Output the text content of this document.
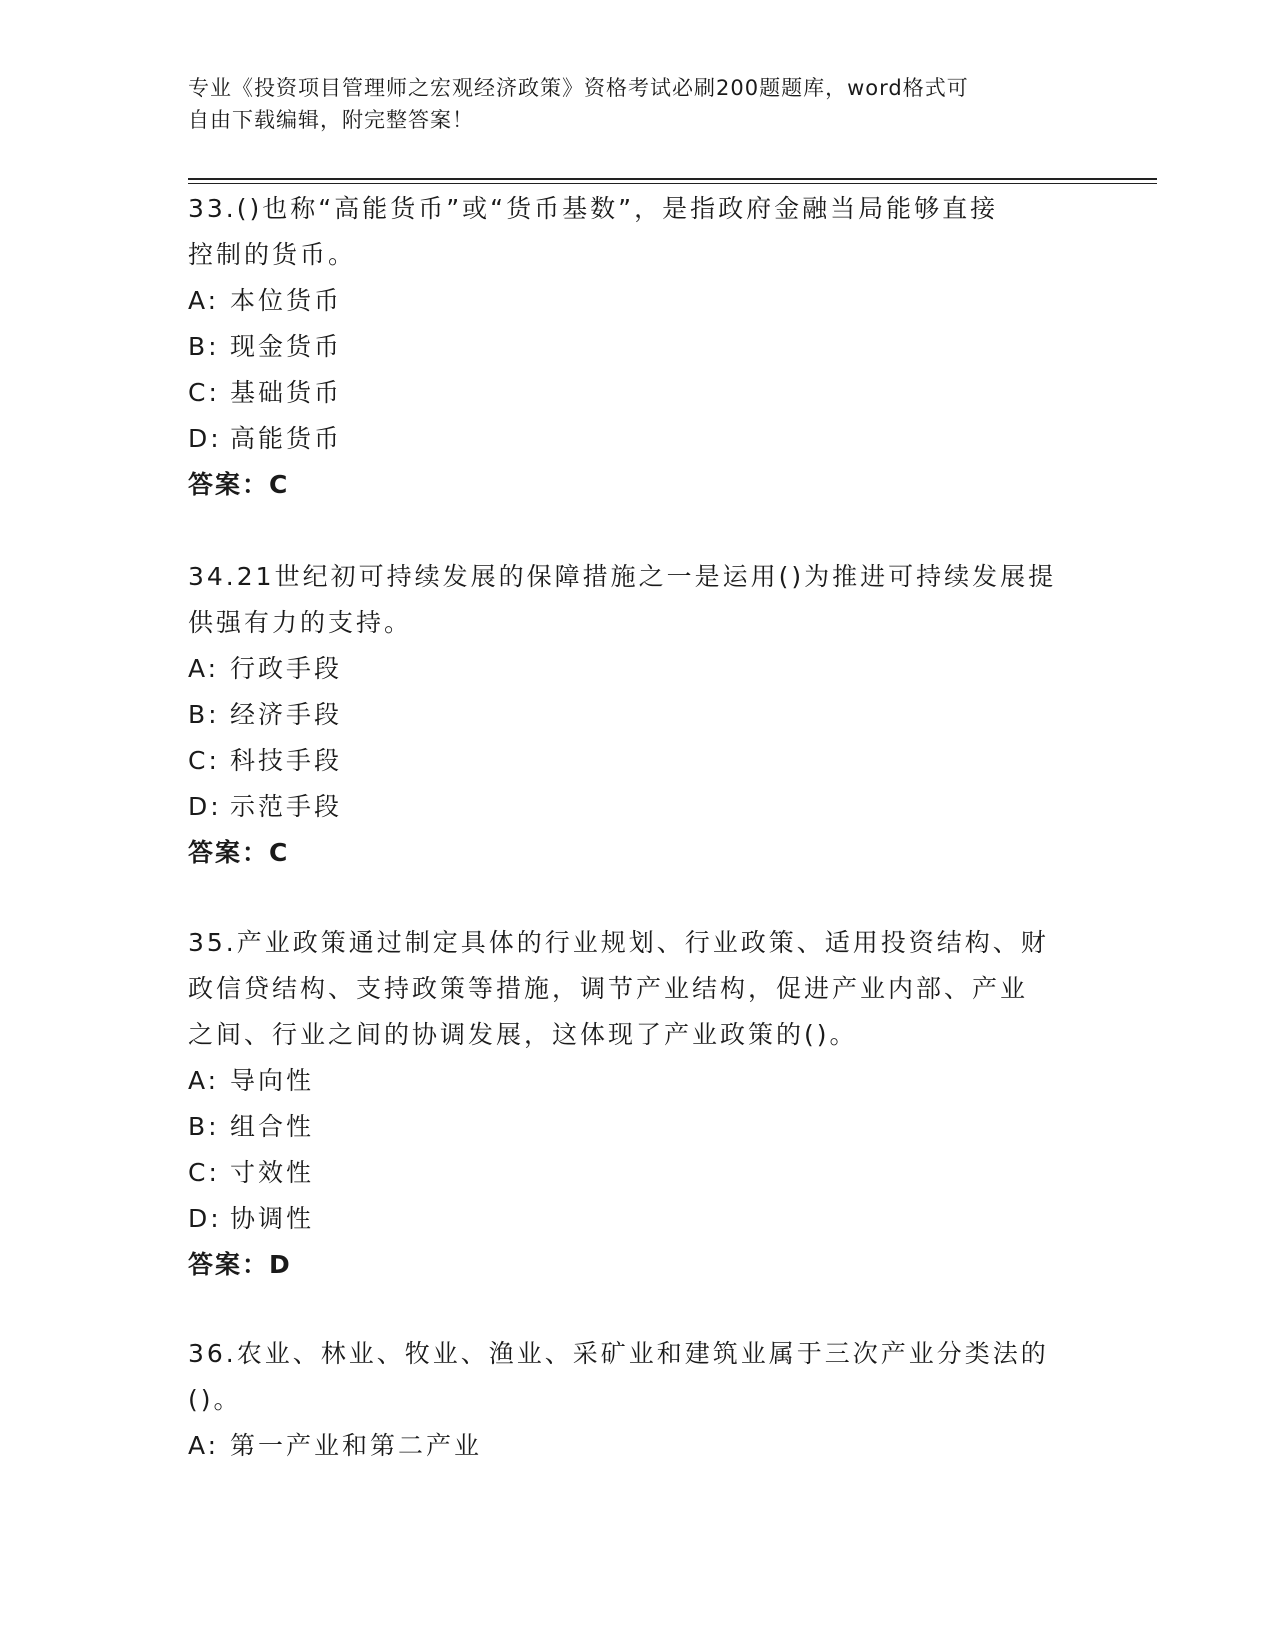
专业《投资项目管理师之宏观经济政策》资格考试必刷200题题库，word格式可
自由下载编辑，附完整答案！
33.()也称“高能货币”或“货币基数”，是指政府金融当局能够直接
控制的货币。
A: 本位货币
B: 现金货币
C: 基础货币
D: 高能货币
答案：C
34.21世纪初可持续发展的保障措施之一是运用()为推进可持续发展提
供强有力的支持。
A: 行政手段
B: 经济手段
C: 科技手段
D: 示范手段
答案：C
35.产业政策通过制定具体的行业规划、行业政策、适用投资结构、财
政信贷结构、支持政策等措施，调节产业结构，促进产业内部、产业
之间、行业之间的协调发展，这体现了产业政策的()。
A: 导向性
B: 组合性
C: 寸效性
D: 协调性
答案：D
36.农业、林业、牧业、渔业、采矿业和建筑业属于三次产业分类法的
()。
A: 第一产业和第二产业
